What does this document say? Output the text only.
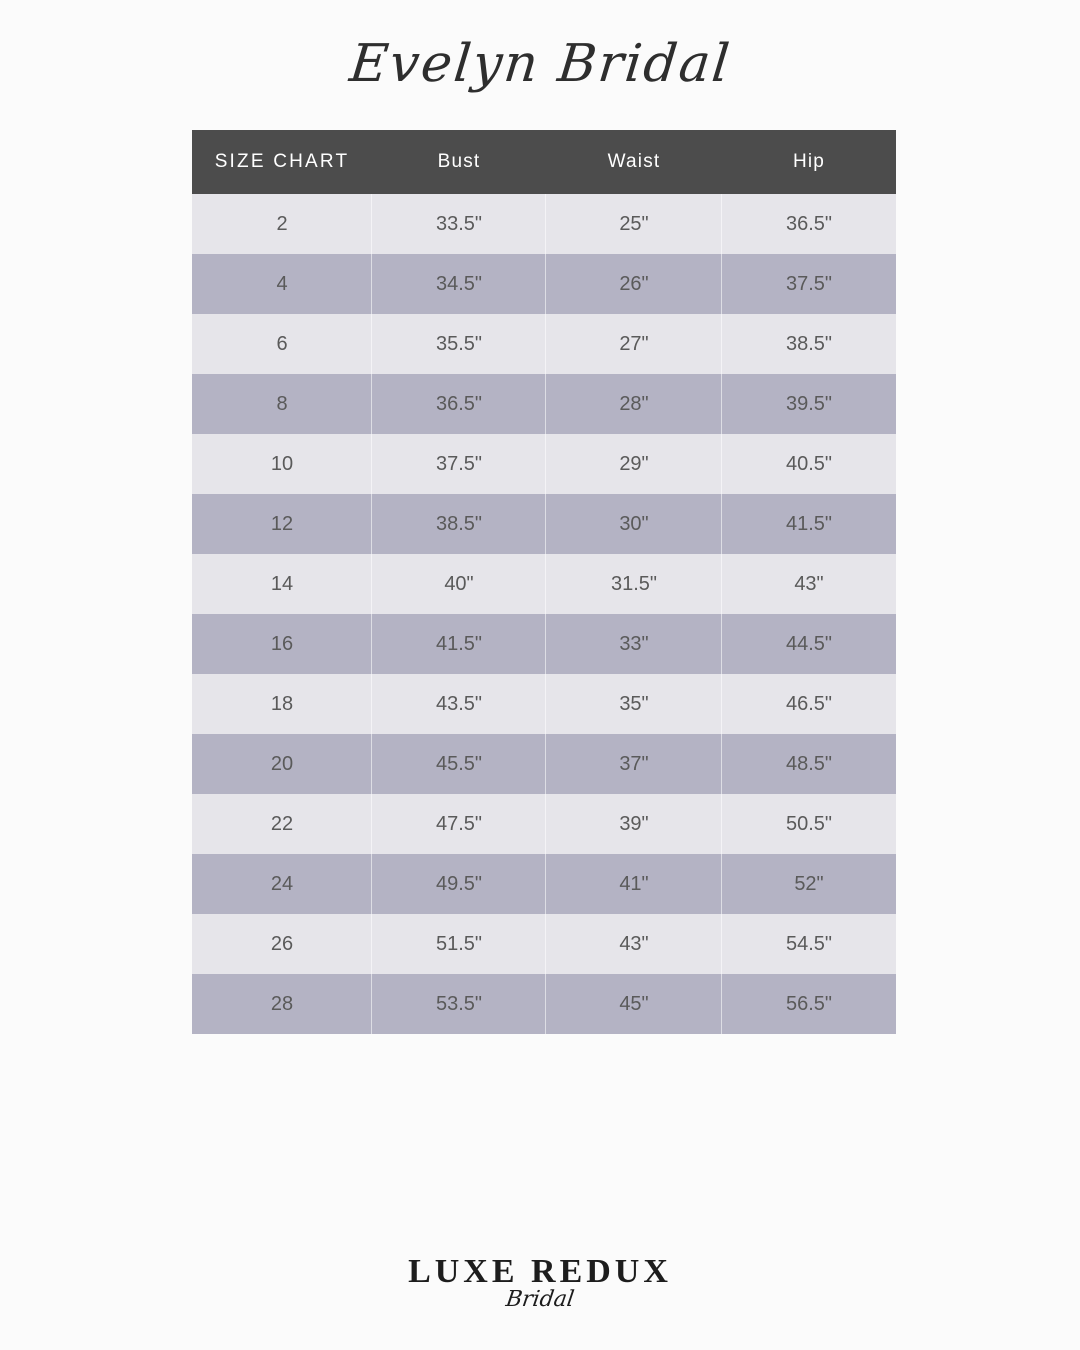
Evelyn Bridal
SIZE CHART	Bust	Waist	Hip
2	33.5"	25"	36.5"
4	34.5"	26"	37.5"
6	35.5"	27"	38.5"
8	36.5"	28"	39.5"
10	37.5"	29"	40.5"
12	38.5"	30"	41.5"
14	40"	31.5"	43"
16	41.5"	33"	44.5"
18	43.5"	35"	46.5"
20	45.5"	37"	48.5"
22	47.5"	39"	50.5"
24	49.5"	41"	52"
26	51.5"	43"	54.5"
28	53.5"	45"	56.5"
LUXE REDUX
Bridal
